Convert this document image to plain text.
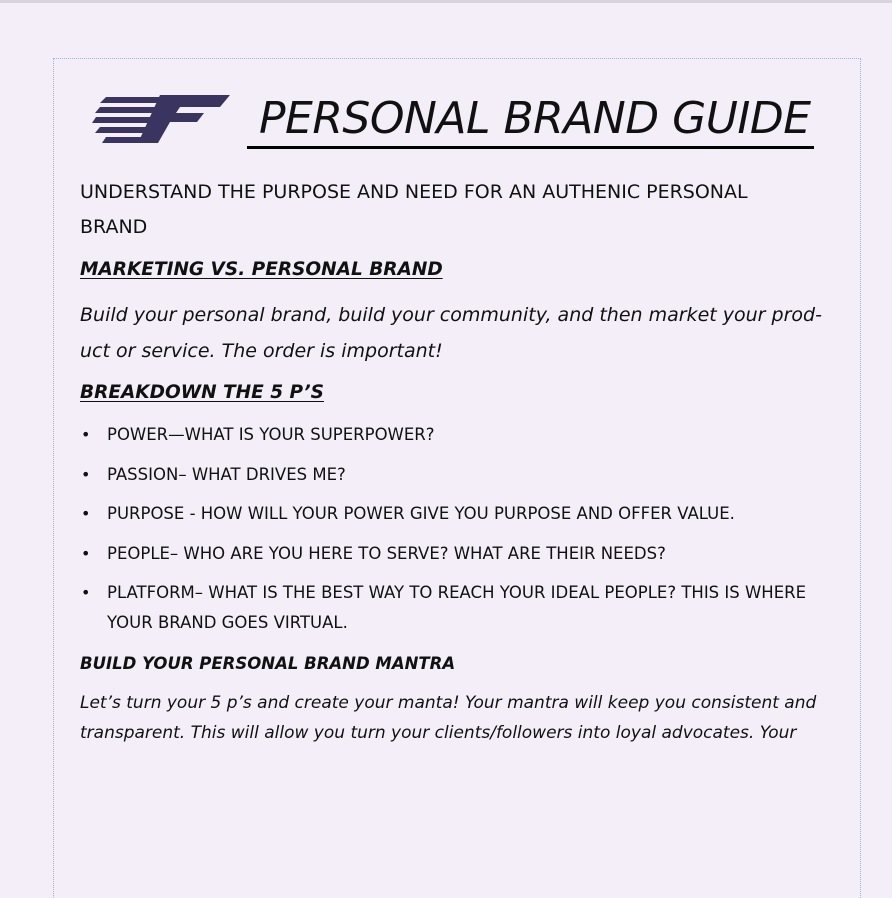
PERSONAL BRAND GUIDE
UNDERSTAND THE PURPOSE AND NEED FOR AN AUTHENIC PERSONAL
BRAND
MARKETING VS. PERSONAL BRAND
Build your personal brand, build your community, and then market your prod-
uct or service. The order is important!
BREAKDOWN THE 5 P’S
• POWER—WHAT IS YOUR SUPERPOWER?
• PASSION– WHAT DRIVES ME?
• PURPOSE - HOW WILL YOUR POWER GIVE YOU PURPOSE AND OFFER VALUE.
• PEOPLE– WHO ARE YOU HERE TO SERVE? WHAT ARE THEIR NEEDS?
• PLATFORM– WHAT IS THE BEST WAY TO REACH YOUR IDEAL PEOPLE? THIS IS WHERE
YOUR BRAND GOES VIRTUAL.
BUILD YOUR PERSONAL BRAND MANTRA
Let’s turn your 5 p’s and create your manta! Your mantra will keep you consistent and
transparent. This will allow you turn your clients/followers into loyal advocates. Your
